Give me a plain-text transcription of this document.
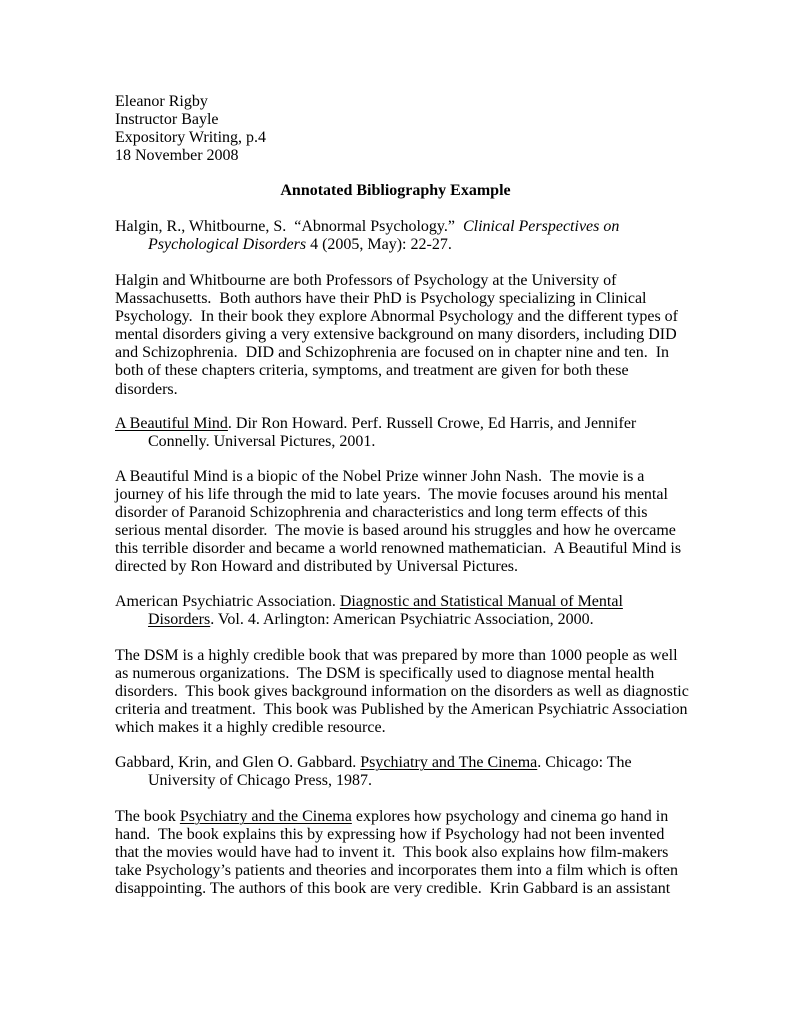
Eleanor Rigby
Instructor Bayle
Expository Writing, p.4
18 November 2008
Annotated Bibliography Example
Halgin, R., Whitbourne, S.  “Abnormal Psychology.”  Clinical Perspectives on
Psychological Disorders 4 (2005, May): 22-27.
Halgin and Whitbourne are both Professors of Psychology at the University of
Massachusetts.  Both authors have their PhD is Psychology specializing in Clinical
Psychology.  In their book they explore Abnormal Psychology and the different types of
mental disorders giving a very extensive background on many disorders, including DID
and Schizophrenia.  DID and Schizophrenia are focused on in chapter nine and ten.  In
both of these chapters criteria, symptoms, and treatment are given for both these
disorders.
A Beautiful Mind. Dir Ron Howard. Perf. Russell Crowe, Ed Harris, and Jennifer
Connelly. Universal Pictures, 2001.
A Beautiful Mind is a biopic of the Nobel Prize winner John Nash.  The movie is a
journey of his life through the mid to late years.  The movie focuses around his mental
disorder of Paranoid Schizophrenia and characteristics and long term effects of this
serious mental disorder.  The movie is based around his struggles and how he overcame
this terrible disorder and became a world renowned mathematician.  A Beautiful Mind is
directed by Ron Howard and distributed by Universal Pictures.
American Psychiatric Association. Diagnostic and Statistical Manual of Mental
Disorders. Vol. 4. Arlington: American Psychiatric Association, 2000.
The DSM is a highly credible book that was prepared by more than 1000 people as well
as numerous organizations.  The DSM is specifically used to diagnose mental health
disorders.  This book gives background information on the disorders as well as diagnostic
criteria and treatment.  This book was Published by the American Psychiatric Association
which makes it a highly credible resource.
Gabbard, Krin, and Glen O. Gabbard. Psychiatry and The Cinema. Chicago: The
University of Chicago Press, 1987.
The book Psychiatry and the Cinema explores how psychology and cinema go hand in
hand.  The book explains this by expressing how if Psychology had not been invented
that the movies would have had to invent it.  This book also explains how film-makers
take Psychology’s patients and theories and incorporates them into a film which is often
disappointing. The authors of this book are very credible.  Krin Gabbard is an assistant
